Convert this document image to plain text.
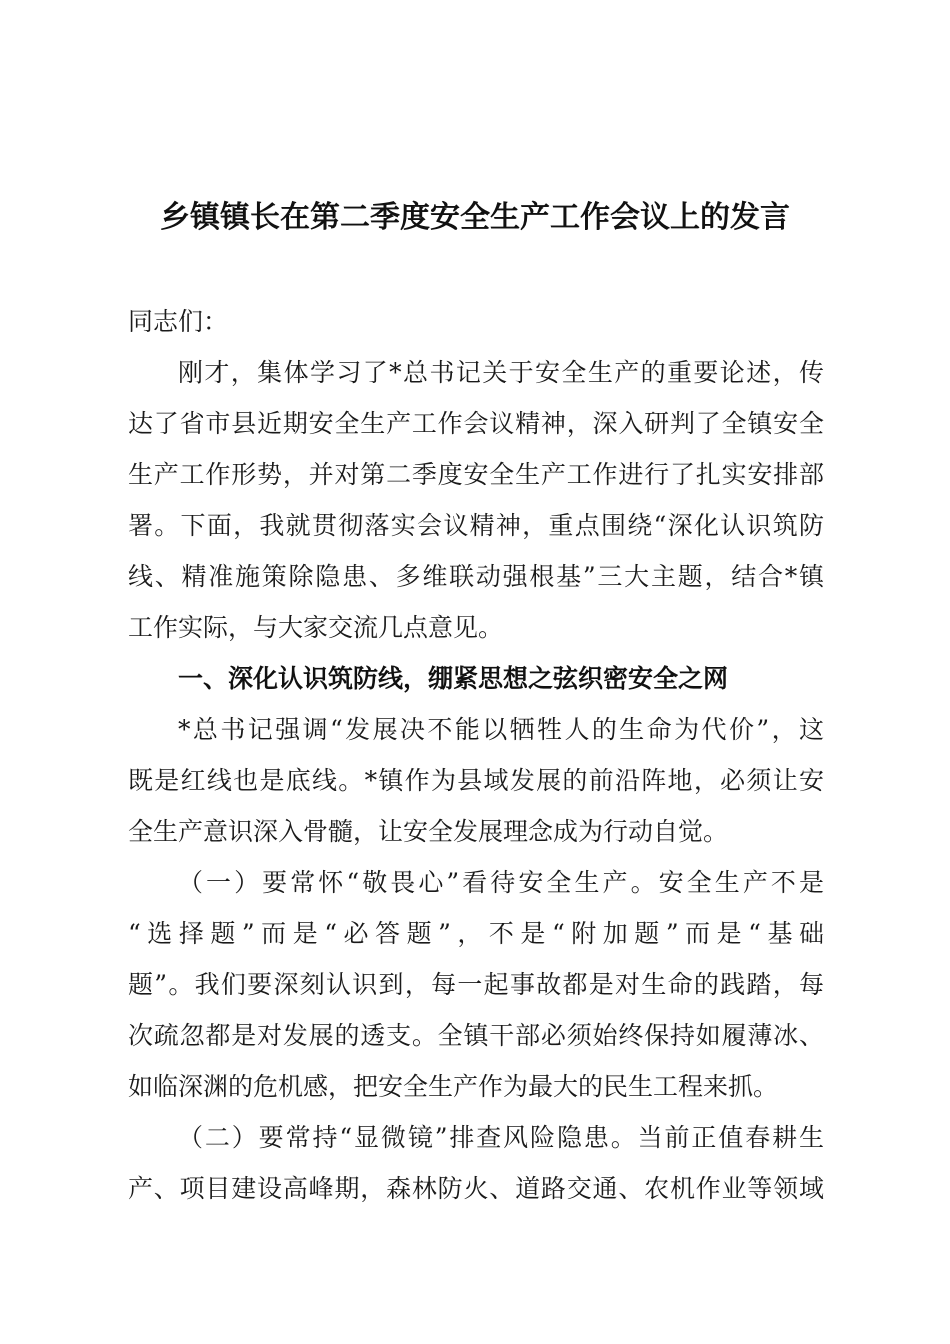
乡镇镇长在第二季度安全生产工作会议上的发言
同志们：
刚才，集体学习了*总书记关于安全生产的重要论述，传
达了省市县近期安全生产工作会议精神，深入研判了全镇安全
生产工作形势，并对第二季度安全生产工作进行了扎实安排部
署。下面，我就贯彻落实会议精神，重点围绕“深化认识筑防
线、精准施策除隐患、多维联动强根基”三大主题，结合*镇
工作实际，与大家交流几点意见。
一、深化认识筑防线，绷紧思想之弦织密安全之网
*总书记强调“发展决不能以牺牲人的生命为代价”，这
既是红线也是底线。*镇作为县域发展的前沿阵地，必须让安
全生产意识深入骨髓，让安全发展理念成为行动自觉。
（一）要常怀“敬畏心”看待安全生产。安全生产不是
“选择题”而是“必答题”，不是“附加题”而是“基础
题”。我们要深刻认识到，每一起事故都是对生命的践踏，每
次疏忽都是对发展的透支。全镇干部必须始终保持如履薄冰、
如临深渊的危机感，把安全生产作为最大的民生工程来抓。
（二）要常持“显微镜”排查风险隐患。当前正值春耕生
产、项目建设高峰期，森林防火、道路交通、农机作业等领域
